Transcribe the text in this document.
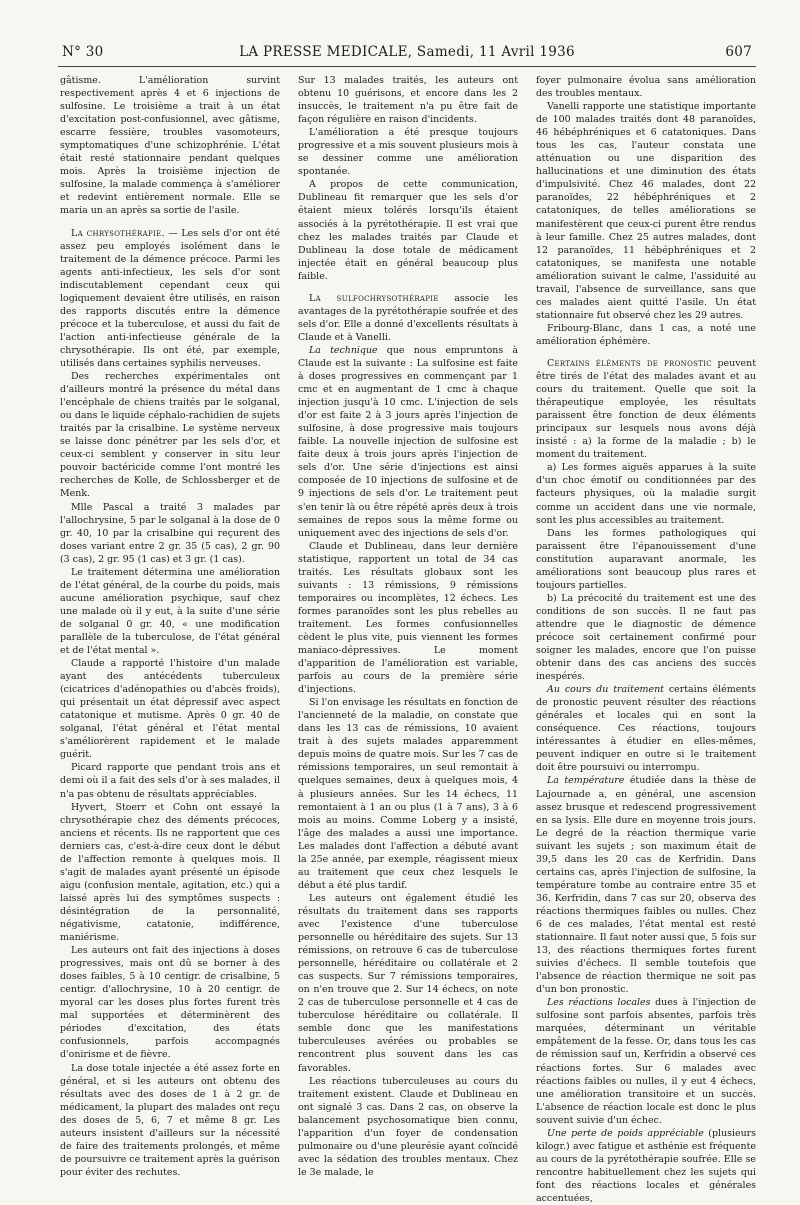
N° 30	LA PRESSE MEDICALE, Samedi, 11 Avril 1936	607

gâtisme. L'amélioration survint respectivement après 4 et 6 injections de sulfosine. Le troisième a trait à un état d'excitation post-confusionnel, avec gâtisme, escarre fessière, troubles vasomoteurs, symptomatiques d'une schizophrénie. L'état était resté stationnaire pendant quelques mois. Après la troisième injection de sulfosine, la malade commença à s'améliorer et redevint entièrement normale. Elle se maria un an après sa sortie de l'asile.

La chrysothérapie. — Les sels d'or ont été assez peu employés isolément dans le traitement de la démence précoce. Parmi les agents anti-infectieux, les sels d'or sont indiscutablement cependant ceux qui logiquement devaient être utilisés, en raison des rapports discutés entre la démence précoce et la tuberculose, et aussi du fait de l'action anti-infectieuse générale de la chrysothérapie. Ils ont été, par exemple, utilisés dans certaines syphilis nerveuses.

Des recherches expérimentales ont d'ailleurs montré la présence du métal dans l'encéphale de chiens traités par le solganal, ou dans le liquide céphalo-rachidien de sujets traités par la crisalbine. Le système nerveux se laisse donc pénétrer par les sels d'or, et ceux-ci semblent y conserver in situ leur pouvoir bactéricide comme l'ont montré les recherches de Kolle, de Schlossberger et de Menk.

Mlle Pascal a traité 3 malades par l'allochrysine, 5 par le solganal à la dose de 0 gr. 40, 10 par la crisalbine qui reçurent des doses variant entre 2 gr. 35 (5 cas), 2 gr. 90 (3 cas), 2 gr. 95 (1 cas) et 3 gr. (1 cas).

Le traitement détermina une amélioration de l'état général, de la courbe du poids, mais aucune amélioration psychique, sauf chez une malade où il y eut, à la suite d'une série de solganal 0 gr. 40, « une modification parallèle de la tuberculose, de l'état général et de l'état mental ».

Claude a rapporté l'histoire d'un malade ayant des antécédents tuberculeux (cicatrices d'adénopathies ou d'abcès froids), qui présentait un état dépressif avec aspect catatonique et mutisme. Après 0 gr. 40 de solganal, l'état général et l'état mental s'améliorèrent rapidement et le malade guérit.

Picard rapporte que pendant trois ans et demi où il a fait des sels d'or à ses malades, il n'a pas obtenu de résultats appréciables.

Hyvert, Stoerr et Cohn ont essayé la chrysothérapie chez des déments précoces, anciens et récents. Ils ne rapportent que ces derniers cas, c'est-à-dire ceux dont le début de l'affection remonte à quelques mois. Il s'agit de malades ayant présenté un épisode aigu (confusion mentale, agitation, etc.) qui a laissé après lui des symptômes suspects : désintégration de la personnalité, négativisme, catatonie, indifférence, maniérisme.

Les auteurs ont fait des injections à doses progressives, mais ont dû se borner à des doses faibles, 5 à 10 centigr. de crisalbine, 5 centigr. d'allochrysine, 10 à 20 centigr. de myoral car les doses plus fortes furent très mal supportées et déterminèrent des périodes d'excitation, des états confusionnels, parfois accompagnés d'onirisme et de fièvre.

La dose totale injectée a été assez forte en général, et si les auteurs ont obtenu des résultats avec des doses de 1 à 2 gr. de médicament, la plupart des malades ont reçu des doses de 5, 6, 7 et même 8 gr. Les auteurs insistent d'ailleurs sur la nécessité de faire des traitements prolongés, et même de poursuivre ce traitement après la guérison pour éviter des rechutes.

Sur 13 malades traités, les auteurs ont obtenu 10 guérisons, et encore dans les 2 insuccès, le traitement n'a pu être fait de façon régulière en raison d'incidents.

L'amélioration a été presque toujours progressive et a mis souvent plusieurs mois à se dessiner comme une amélioration spontanée.

A propos de cette communication, Dublineau fit remarquer que les sels d'or étaient mieux tolérés lorsqu'ils étaient associés à la pyrétothérapie. Il est vrai que chez les malades traités par Claude et Dublineau la dose totale de médicament injectée était en général beaucoup plus faible.

La sulfochrysothérapie associe les avantages de la pyrétothérapie soufrée et des sels d'or. Elle a donné d'excellents résultats à Claude et à Vanelli.

La technique que nous empruntons à Claude est la suivante : La sulfosine est faite à doses progressives en commençant par 1 cmc et en augmentant de 1 cmc à chaque injection jusqu'à 10 cmc. L'injection de sels d'or est faite 2 à 3 jours après l'injection de sulfosine, à dose progressive mais toujours faible. La nouvelle injection de sulfosine est faite deux à trois jours après l'injection de sels d'or. Une série d'injections est ainsi composée de 10 injections de sulfosine et de 9 injections de sels d'or. Le traitement peut s'en tenir là ou être répété après deux à trois semaines de repos sous la même forme ou uniquement avec des injections de sels d'or.

Claude et Dublineau, dans leur dernière statistique, rapportent un total de 34 cas traités. Les résultats globaux sont les suivants : 13 rémissions, 9 rémissions temporaires ou incomplètes, 12 échecs. Les formes paranoïdes sont les plus rebelles au traitement. Les formes confusionnelles cèdent le plus vite, puis viennent les formes maniaco-dépressives. Le moment d'apparition de l'amélioration est variable, parfois au cours de la première série d'injections.

Si l'on envisage les résultats en fonction de l'ancienneté de la maladie, on constate que dans les 13 cas de rémissions, 10 avaient trait à des sujets malades apparemment depuis moins de quatre mois. Sur les 7 cas de rémissions temporaires, un seul remontait à quelques semaines, deux à quelques mois, 4 à plusieurs années. Sur les 14 échecs, 11 remontaient à 1 an ou plus (1 à 7 ans), 3 à 6 mois au moins. Comme Loberg y a insisté, l'âge des malades a aussi une importance. Les malades dont l'affection a débuté avant la 25e année, par exemple, réagissent mieux au traitement que ceux chez lesquels le début a été plus tardif.

Les auteurs ont également étudié les résultats du traitement dans ses rapports avec l'existence d'une tuberculose personnelle ou héréditaire des sujets. Sur 13 rémissions, on retrouve 6 cas de tuberculose personnelle, héréditaire ou collatérale et 2 cas suspects. Sur 7 rémissions temporaires, on n'en trouve que 2. Sur 14 échecs, on note 2 cas de tuberculose personnelle et 4 cas de tuberculose héréditaire ou collatérale. Il semble donc que les manifestations tuberculeuses avérées ou probables se rencontrent plus souvent dans les cas favorables.

Les réactions tuberculeuses au cours du traitement existent. Claude et Dublineau en ont signalé 3 cas. Dans 2 cas, on observe la balancement psychosomatique bien connu, l'apparition d'un foyer de condensation pulmonaire ou d'une pleurésie ayant coïncidé avec la sédation des troubles mentaux. Chez le 3e malade, le

foyer pulmonaire évolua sans amélioration des troubles mentaux.

Vanelli rapporte une statistique importante de 100 malades traités dont 48 paranoïdes, 46 hébéphréniques et 6 catatoniques. Dans tous les cas, l'auteur constata une atténuation ou une disparition des hallucinations et une diminution des états d'impulsivité. Chez 46 malades, dont 22 paranoïdes, 22 hébéphréniques et 2 catatoniques, de telles améliorations se manifestèrent que ceux-ci purent être rendus à leur famille. Chez 25 autres malades, dont 12 paranoïdes, 11 hébéphréniques et 2 catatoniques, se manifesta une notable amélioration suivant le calme, l'assiduité au travail, l'absence de surveillance, sans que ces malades aient quitté l'asile. Un état stationnaire fut observé chez les 29 autres.

Fribourg-Blanc, dans 1 cas, a noté une amélioration éphémère.

Certains éléments de pronostic peuvent être tirés de l'état des malades avant et au cours du traitement. Quelle que soit la thérapeutique employée, les résultats paraissent être fonction de deux éléments principaux sur lesquels nous avons déjà insisté : a) la forme de la maladie ; b) le moment du traitement.

a) Les formes aiguës apparues à la suite d'un choc émotif ou conditionnées par des facteurs physiques, où la maladie surgit comme un accident dans une vie normale, sont les plus accessibles au traitement.

Dans les formes pathologiques qui paraissent être l'épanouissement d'une constitution auparavant anormale, les améliorations sont beaucoup plus rares et toujours partielles.

b) La précocité du traitement est une des conditions de son succès. Il ne faut pas attendre que le diagnostic de démence précoce soit certainement confirmé pour soigner les malades, encore que l'on puisse obtenir dans des cas anciens des succès inespérés.

Au cours du traitement certains éléments de pronostic peuvent résulter des réactions générales et locales qui en sont la conséquence. Ces réactions, toujours intéressantes à étudier en elles-mêmes, peuvent indiquer en outre si le traitement doit être poursuivi ou interrompu.

La température étudiée dans la thèse de Lajournade a, en général, une ascension assez brusque et redescend progressivement en sa lysis. Elle dure en moyenne trois jours. Le degré de la réaction thermique varie suivant les sujets ; son maximum était de 39,5 dans les 20 cas de Kerfridin. Dans certains cas, après l'injection de sulfosine, la température tombe au contraire entre 35 et 36. Kerfridin, dans 7 cas sur 20, observa des réactions thermiques faibles ou nulles. Chez 6 de ces malades, l'état mental est resté stationnaire. Il faut noter aussi que, 5 fois sur 13, des réactions thermiques fortes furent suivies d'échecs. Il semble toutefois que l'absence de réaction thermique ne soit pas d'un bon pronostic.

Les réactions locales dues à l'injection de sulfosine sont parfois absentes, parfois très marquées, déterminant un véritable empâtement de la fesse. Or, dans tous les cas de rémission sauf un, Kerfridin a observé ces réactions fortes. Sur 6 malades avec réactions faibles ou nulles, il y eut 4 échecs, une amélioration transitoire et un succès. L'absence de réaction locale est donc le plus souvent suivie d'un échec.

Une perte de poids appréciable (plusieurs kilogr.) avec fatigue et asthénie est fréquente au cours de la pyrétothérapie soufrée. Elle se rencontre habituellement chez les sujets qui font des réactions locales et générales accentuées,
